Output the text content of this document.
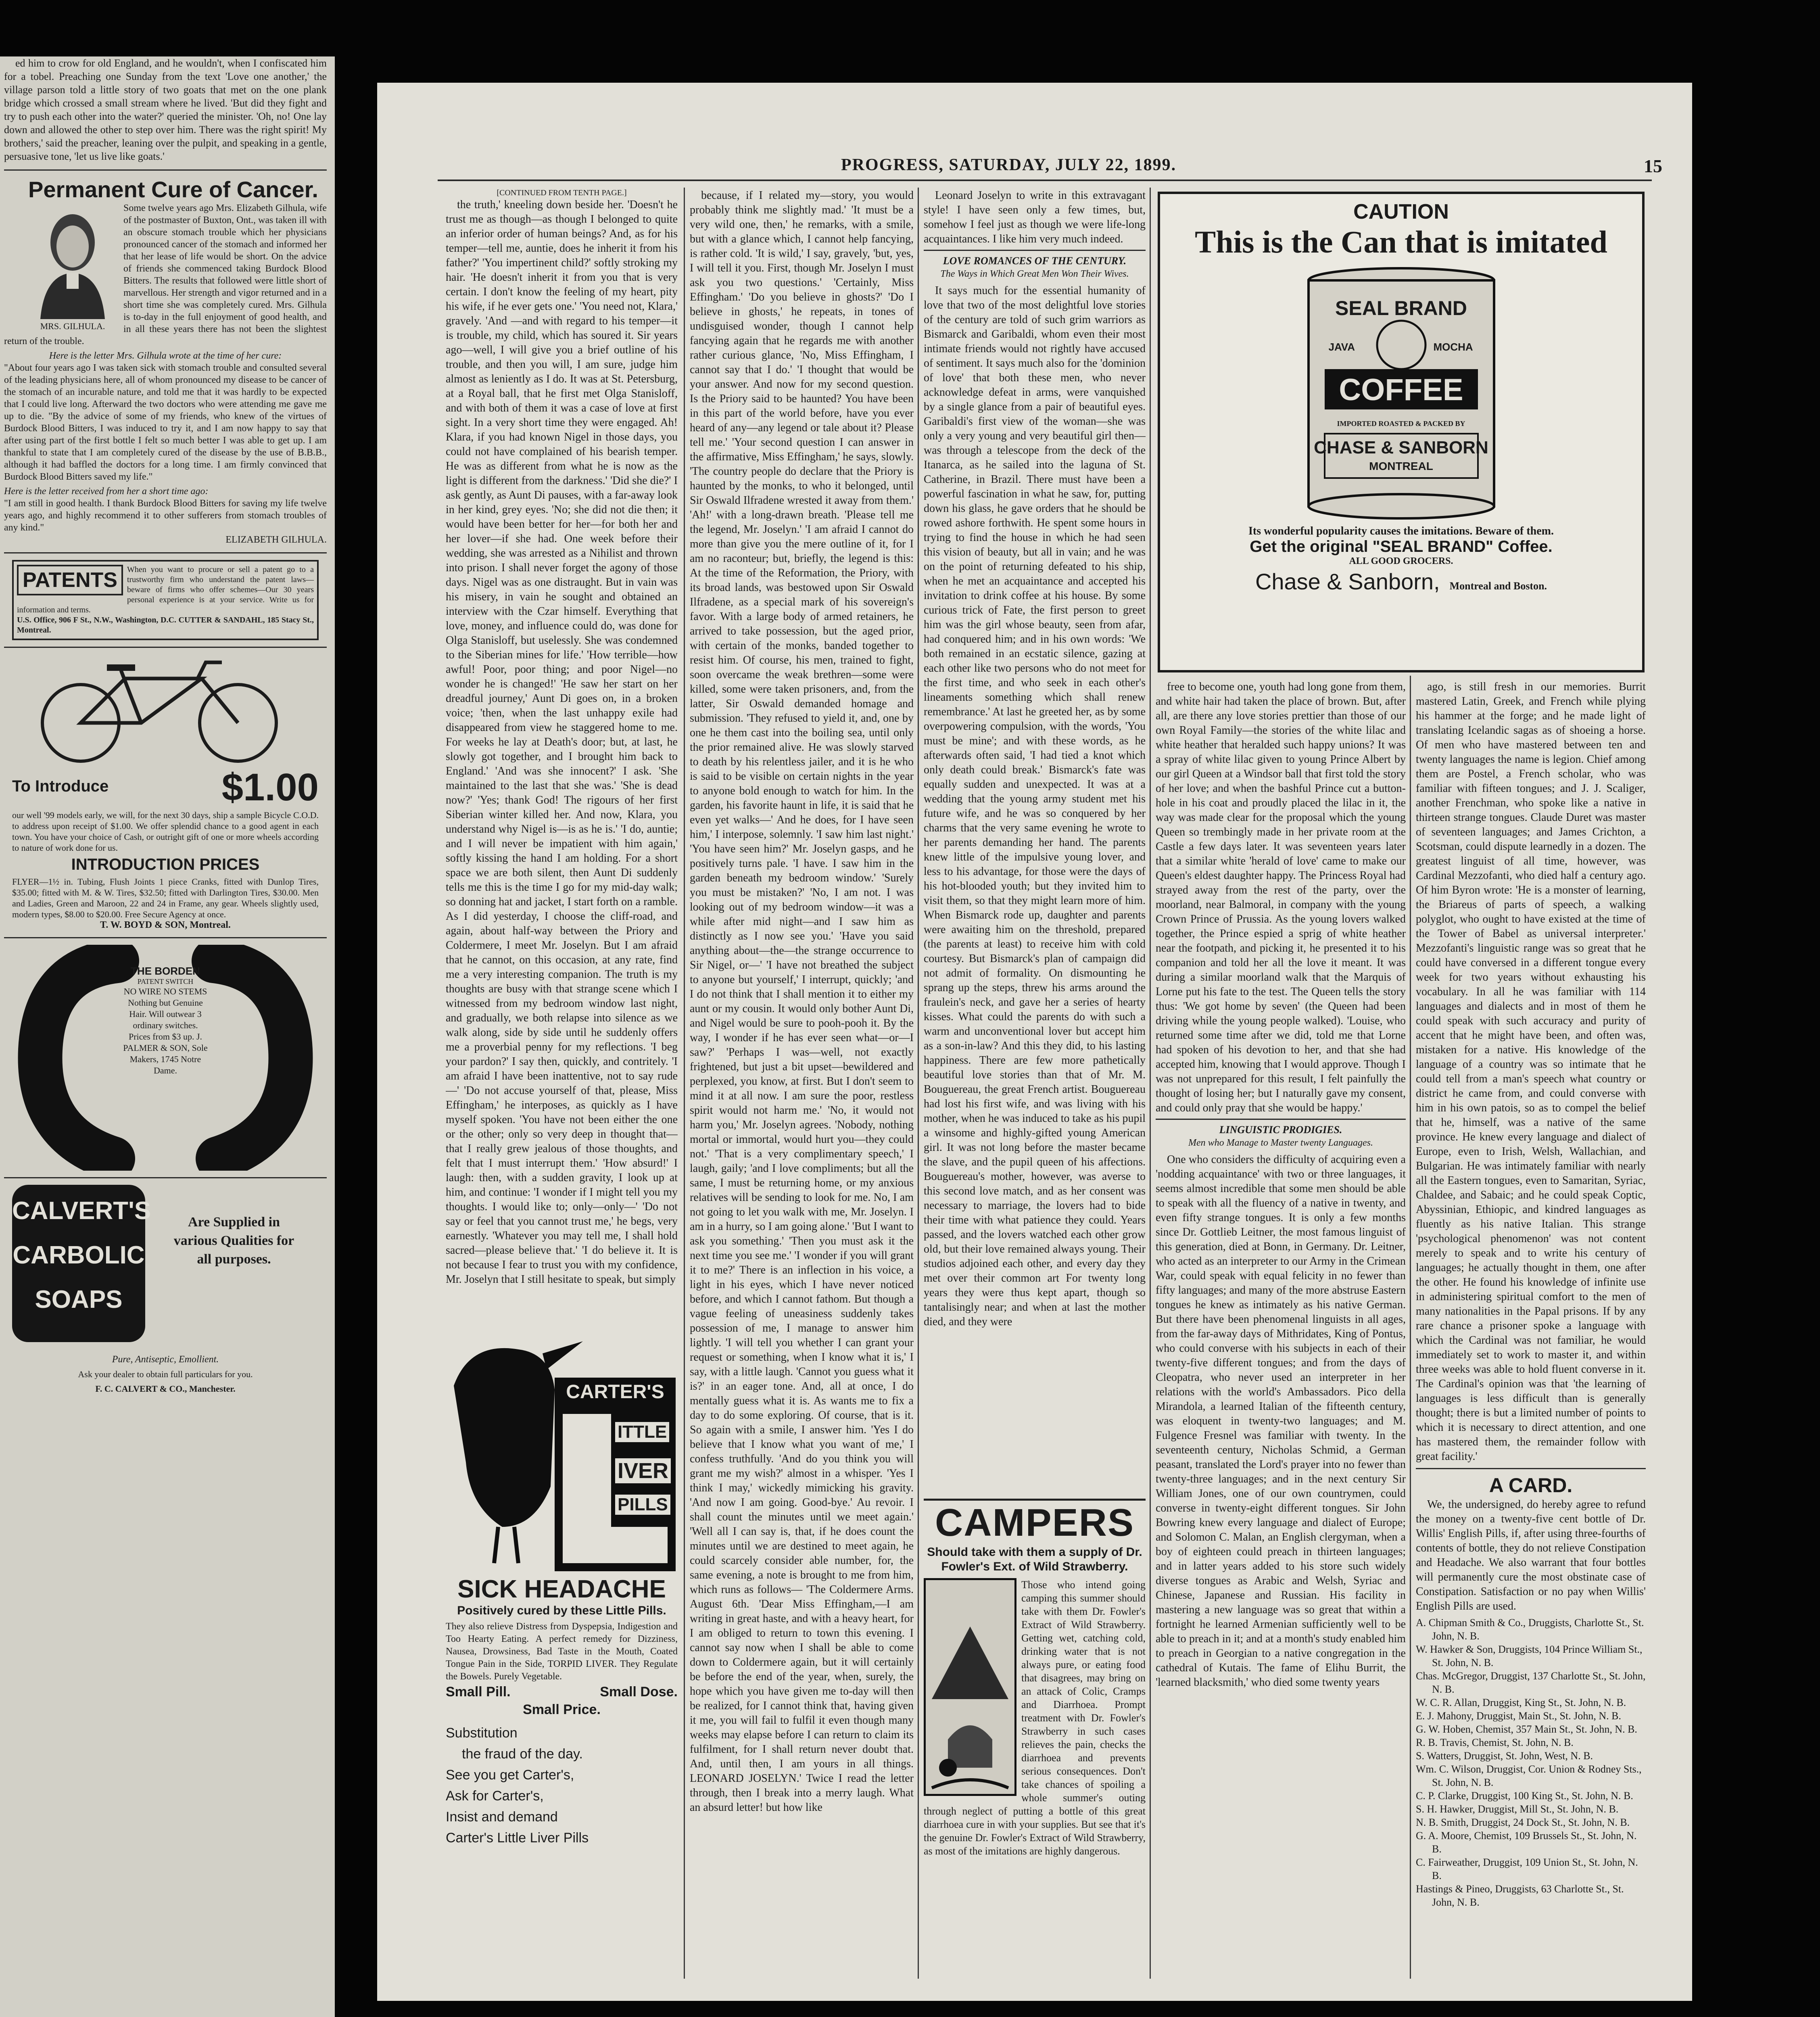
ed him to crow for old England, and he wouldn't, when I confiscated him for a tobel. Preaching one Sunday from the text 'Love one another,' the village parson told a little story of two goats that met on the one plank bridge which crossed a small stream where he lived. 'But did they fight and try to push each other into the water?' queried the minister. 'Oh, no! One lay down and allowed the other to step over him. There was the right spirit! My brothers,' said the preacher, leaning over the pulpit, and speaking in a gentle, persuasive tone, 'let us live like goats.'

Permanent Cure of Cancer.
MRS. GILHULA.

Some twelve years ago Mrs. Elizabeth Gilhula, wife of the postmaster of Buxton, Ont., was taken ill with an obscure stomach trouble which her physicians pronounced cancer of the stomach and informed her that her lease of life would be short. On the advice of friends she commenced taking Burdock Blood Bitters. The results that followed were little short of marvellous. Her strength and vigor returned and in a short time she was completely cured. Mrs. Gilhula is to-day in the full enjoyment of good health, and in all these years there has not been the slightest return of the trouble.

Here is the letter Mrs. Gilhula wrote at the time of her cure:

"About four years ago I was taken sick with stomach trouble and consulted several of the leading physicians here, all of whom pronounced my disease to be cancer of the stomach of an incurable nature, and told me that it was hardly to be expected that I could live long. Afterward the two doctors who were attending me gave me up to die. "By the advice of some of my friends, who knew of the virtues of Burdock Blood Bitters, I was induced to try it, and I am now happy to say that after using part of the first bottle I felt so much better I was able to get up. I am thankful to state that I am completely cured of the disease by the use of B.B.B., although it had baffled the doctors for a long time. I am firmly convinced that Burdock Blood Bitters saved my life."

Here is the letter received from her a short time ago:

"I am still in good health. I thank Burdock Blood Bitters for saving my life twelve years ago, and highly recommend it to other sufferers from stomach troubles of any kind."

ELIZABETH GILHULA.

PATENTS	When you want to procure or sell a patent go to a trustworthy firm who understand the patent laws—beware of firms who offer schemes—Our 30 years personal experience is at your service. Write us for information and terms.

U.S. Office, 906 F St., N.W., Washington, D.C. CUTTER & SANDAHL, 185 Stacy St., Montreal.

To Introduce	$1.00

our well '99 models early, we will, for the next 30 days, ship a sample Bicycle C.O.D. to address upon receipt of $1.00. We offer splendid chance to a good agent in each town. You have your choice of Cash, or outright gift of one or more wheels according to nature of work done for us.

INTRODUCTION PRICES

FLYER—1½ in. Tubing, Flush Joints 1 piece Cranks, fitted with Dunlop Tires, $35.00; fitted with M. & W. Tires, $32.50; fitted with Darlington Tires, $30.00. Men and Ladies, Green and Maroon, 22 and 24 in Frame, any gear. Wheels slightly used, modern types, $8.00 to $20.00. Free Secure Agency at once.

T. W. BOYD & SON, Montreal.

THE BORDEN
PATENT SWITCH

NO WIRE NO STEMS Nothing but Genuine Hair. Will outwear 3 ordinary switches. Prices from $3 up. J. PALMER & SON, Sole Makers, 1745 Notre Dame.

CALVERT'S CARBOLIC SOAPS

Are Supplied in various Qualities for all purposes.

Pure, Antiseptic, Emollient.

Ask your dealer to obtain full particulars for you.

F. C. CALVERT & CO., Manchester.

PROGRESS, SATURDAY, JULY 22, 1899.	15

[CONTINUED FROM TENTH PAGE.]

the truth,' kneeling down beside her. 'Doesn't he trust me as though—as though I belonged to quite an inferior order of human beings? And, as for his temper—tell me, auntie, does he inherit it from his father?' 'You impertinent child?' softly stroking my hair. 'He doesn't inherit it from you that is very certain. I don't know the feeling of my heart, pity his wife, if he ever gets one.' 'You need not, Klara,' gravely. 'And —and with regard to his temper—it is trouble, my child, which has soured it. Sir years ago—well, I will give you a brief outline of his trouble, and then you will, I am sure, judge him almost as leniently as I do. It was at St. Petersburg, at a Royal ball, that he first met Olga Stanisloff, and with both of them it was a case of love at first sight. In a very short time they were engaged. Ah! Klara, if you had known Nigel in those days, you could not have complained of his bearish temper. He was as different from what he is now as the light is different from the darkness.' 'Did she die?' I ask gently, as Aunt Di pauses, with a far-away look in her kind, grey eyes. 'No; she did not die then; it would have been better for her—for both her and her lover—if she had. One week before their wedding, she was arrested as a Nihilist and thrown into prison. I shall never forget the agony of those days. Nigel was as one distraught. But in vain was his misery, in vain he sought and obtained an interview with the Czar himself. Everything that love, money, and influence could do, was done for Olga Stanisloff, but uselessly. She was condemned to the Siberian mines for life.' 'How terrible—how awful! Poor, poor thing; and poor Nigel—no wonder he is changed!' 'He saw her start on her dreadful journey,' Aunt Di goes on, in a broken voice; 'then, when the last unhappy exile had disappeared from view he staggered home to me. For weeks he lay at Death's door; but, at last, he slowly got together, and I brought him back to England.' 'And was she innocent?' I ask. 'She maintained to the last that she was.' 'She is dead now?' 'Yes; thank God! The rigours of her first Siberian winter killed her. And now, Klara, you understand why Nigel is—is as he is.' 'I do, auntie; and I will never be impatient with him again,' softly kissing the hand I am holding. For a short space we are both silent, then Aunt Di suddenly tells me this is the time I go for my mid-day walk; so donning hat and jacket, I start forth on a ramble. As I did yesterday, I choose the cliff-road, and again, about half-way between the Priory and Coldermere, I meet Mr. Joselyn. But I am afraid that he cannot, on this occasion, at any rate, find me a very interesting companion. The truth is my thoughts are busy with that strange scene which I witnessed from my bedroom window last night, and gradually, we both relapse into silence as we walk along, side by side until he suddenly offers me a proverbial penny for my reflections. 'I beg your pardon?' I say then, quickly, and contritely. 'I am afraid I have been inattentive, not to say rude—' 'Do not accuse yourself of that, please, Miss Effingham,' he interposes, as quickly as I have myself spoken. 'You have not been either the one or the other; only so very deep in thought that—that I really grew jealous of those thoughts, and felt that I must interrupt them.' 'How absurd!' I laugh: then, with a sudden gravity, I look up at him, and continue: 'I wonder if I might tell you my thoughts. I would like to; only—only—' 'Do not say or feel that you cannot trust me,' he begs, very earnestly. 'Whatever you may tell me, I shall hold sacred—please believe that.' 'I do believe it. It is not because I fear to trust you with my confidence, Mr. Joselyn that I still hesitate to speak, but simply

CARTER'S
ITTLE
IVER
PILLS
SICK HEADACHE
Positively cured by these Little Pills.

They also relieve Distress from Dyspepsia, Indigestion and Too Hearty Eating. A perfect remedy for Dizziness, Nausea, Drowsiness, Bad Taste in the Mouth, Coated Tongue Pain in the Side, TORPID LIVER. They Regulate the Bowels. Purely Vegetable.

Small Pill.	Small Dose.
Small Price.
Substitution
the fraud of the day.
See you get Carter's,
Ask for Carter's,
Insist and demand
Carter's Little Liver Pills

because, if I related my—story, you would probably think me slightly mad.' 'It must be a very wild one, then,' he remarks, with a smile, but with a glance which, I cannot help fancying, is rather cold. 'It is wild,' I say, gravely, 'but, yes, I will tell it you. First, though Mr. Joselyn I must ask you two questions.' 'Certainly, Miss Effingham.' 'Do you believe in ghosts?' 'Do I believe in ghosts,' he repeats, in tones of undisguised wonder, though I cannot help fancying again that he regards me with another rather curious glance, 'No, Miss Effingham, I cannot say that I do.' 'I thought that would be your answer. And now for my second question. Is the Priory said to be haunted? You have been in this part of the world before, have you ever heard of any—any legend or tale about it? Please tell me.' 'Your second question I can answer in the affirmative, Miss Effingham,' he says, slowly. 'The country people do declare that the Priory is haunted by the monks, to who it belonged, until Sir Oswald Ilfradene wrested it away from them.' 'Ah!' with a long-drawn breath. 'Please tell me the legend, Mr. Joselyn.' 'I am afraid I cannot do more than give you the mere outline of it, for I am no raconteur; but, briefly, the legend is this: At the time of the Reformation, the Priory, with its broad lands, was bestowed upon Sir Oswald Ilfradene, as a special mark of his sovereign's favor. With a large body of armed retainers, he arrived to take possession, but the aged prior, with certain of the monks, banded together to resist him. Of course, his men, trained to fight, soon overcame the weak brethren—some were killed, some were taken prisoners, and, from the latter, Sir Oswald demanded homage and submission. 'They refused to yield it, and, one by one he them cast into the boiling sea, until only the prior remained alive. He was slowly starved to death by his relentless jailer, and it is he who is said to be visible on certain nights in the year to anyone bold enough to watch for him. In the garden, his favorite haunt in life, it is said that he even yet walks—' And he does, for I have seen him,' I interpose, solemnly. 'I saw him last night.' 'You have seen him?' Mr. Joselyn gasps, and he positively turns pale. 'I have. I saw him in the garden beneath my bedroom window.' 'Surely you must be mistaken?' 'No, I am not. I was looking out of my bedroom window—it was a while after mid night—and I saw him as distinctly as I now see you.' 'Have you said anything about—the—the strange occurrence to Sir Nigel, or—' 'I have not breathed the subject to anyone but yourself,' I interrupt, quickly; 'and I do not think that I shall mention it to either my aunt or my cousin. It would only bother Aunt Di, and Nigel would be sure to pooh-pooh it. By the way, I wonder if he has ever seen what—or—I saw?' 'Perhaps I was—well, not exactly frightened, but just a bit upset—bewildered and perplexed, you know, at first. But I don't seem to mind it at all now. I am sure the poor, restless spirit would not harm me.' 'No, it would not harm you,' Mr. Joselyn agrees. 'Nobody, nothing mortal or immortal, would hurt you—they could not.' 'That is a very complimentary speech,' I laugh, gaily; 'and I love compliments; but all the same, I must be returning home, or my anxious relatives will be sending to look for me. No, I am not going to let you walk with me, Mr. Joselyn. I am in a hurry, so I am going alone.' 'But I want to ask you something.' 'Then you must ask it the next time you see me.' 'I wonder if you will grant it to me?' There is an inflection in his voice, a light in his eyes, which I have never noticed before, and which I cannot fathom. But though a vague feeling of uneasiness suddenly takes possession of me, I manage to answer him lightly. 'I will tell you whether I can grant your request or something, when I know what it is,' I say, with a little laugh. 'Cannot you guess what it is?' in an eager tone. And, all at once, I do mentally guess what it is. As wants me to fix a day to do some exploring. Of course, that is it. So again with a smile, I answer him. 'Yes I do believe that I know what you want of me,' I confess truthfully. 'And do you think you will grant me my wish?' almost in a whisper. 'Yes I think I may,' wickedly mimicking his gravity. 'And now I am going. Good-bye.' Au revoir. I shall count the minutes until we meet again.' 'Well all I can say is, that, if he does count the minutes until we are destined to meet again, he could scarcely consider able number, for, the same evening, a note is brought to me from him, which runs as follows— 'The Coldermere Arms. August 6th. 'Dear Miss Effingham,—I am writing in great haste, and with a heavy heart, for I am obliged to return to town this evening. I cannot say now when I shall be able to come down to Coldermere again, but it will certainly be before the end of the year, when, surely, the hope which you have given me to-day will then be realized, for I cannot think that, having given it me, you will fail to fulfil it even though many weeks may elapse before I can return to claim its fulfilment, for I shall return never doubt that. And, until then, I am yours in all things. LEONARD JOSELYN.' Twice I read the letter through, then I break into a merry laugh. What an absurd letter! but how like

Leonard Joselyn to write in this extravagant style! I have seen only a few times, but, somehow I feel just as though we were life-long acquaintances. I like him very much indeed.

LOVE ROMANCES OF THE CENTURY.
The Ways in Which Great Men Won Their Wives.

It says much for the essential humanity of love that two of the most delightful love stories of the century are told of such grim warriors as Bismarck and Garibaldi, whom even their most intimate friends would not rightly have accused of sentiment. It says much also for the 'dominion of love' that both these men, who never acknowledge defeat in arms, were vanquished by a single glance from a pair of beautiful eyes. Garibaldi's first view of the woman—she was only a very young and very beautiful girl then—was through a telescope from the deck of the Itanarca, as he sailed into the laguna of St. Catherine, in Brazil. There must have been a powerful fascination in what he saw, for, putting down his glass, he gave orders that he should be rowed ashore forthwith. He spent some hours in trying to find the house in which he had seen this vision of beauty, but all in vain; and he was on the point of returning defeated to his ship, when he met an acquaintance and accepted his invitation to drink coffee at his house. By some curious trick of Fate, the first person to greet him was the girl whose beauty, seen from afar, had conquered him; and in his own words: 'We both remained in an ecstatic silence, gazing at each other like two persons who do not meet for the first time, and who seek in each other's lineaments something which shall renew remembrance.' At last he greeted her, as by some overpowering compulsion, with the words, 'You must be mine'; and with these words, as he afterwards often said, 'I had tied a knot which only death could break.' Bismarck's fate was equally sudden and unexpected. It was at a wedding that the young army student met his future wife, and he was so conquered by her charms that the very same evening he wrote to her parents demanding her hand. The parents knew little of the impulsive young lover, and less to his advantage, for those were the days of his hot-blooded youth; but they invited him to visit them, so that they might learn more of him. When Bismarck rode up, daughter and parents were awaiting him on the threshold, prepared (the parents at least) to receive him with cold courtesy. But Bismarck's plan of campaign did not admit of formality. On dismounting he sprang up the steps, threw his arms around the fraulein's neck, and gave her a series of hearty kisses. What could the parents do with such a warm and unconventional lover but accept him as a son-in-law? And this they did, to his lasting happiness. There are few more pathetically beautiful love stories than that of Mr. M. Bouguereau, the great French artist. Bouguereau had lost his first wife, and was living with his mother, when he was induced to take as his pupil a winsome and highly-gifted young American girl. It was not long before the master became the slave, and the pupil queen of his affections. Bouguereau's mother, however, was averse to this second love match, and as her consent was necessary to marriage, the lovers had to bide their time with what patience they could. Years passed, and the lovers watched each other grow old, but their love remained always young. Their studios adjoined each other, and every day they met over their common art For twenty long years they were thus kept apart, though so tantalisingly near; and when at last the mother died, and they were

CAMPERS
Should take with them a supply of Dr. Fowler's Ext. of Wild Strawberry.

Those who intend going camping this summer should take with them Dr. Fowler's Extract of Wild Strawberry. Getting wet, catching cold, drinking water that is not always pure, or eating food that disagrees, may bring on an attack of Colic, Cramps and Diarrhoea. Prompt treatment with Dr. Fowler's Strawberry in such cases relieves the pain, checks the diarrhoea and prevents serious consequences. Don't take chances of spoiling a whole summer's outing through neglect of putting a bottle of this great diarrhoea cure in with your supplies. But see that it's the genuine Dr. Fowler's Extract of Wild Strawberry, as most of the imitations are highly dangerous.

CAUTION
This is the Can that is imitated
SEAL BRAND
JAVA	MOCHA
COFFEE
IMPORTED ROASTED & PACKED BY
CHASE & SANBORN
MONTREAL
Its wonderful popularity causes the imitations. Beware of them.
Get the original "SEAL BRAND" Coffee.
ALL GOOD GROCERS.
Chase & Sanborn, Montreal and Boston.

free to become one, youth had long gone from them, and white hair had taken the place of brown. But, after all, are there any love stories prettier than those of our own Royal Family—the stories of the white lilac and white heather that heralded such happy unions? It was a spray of white lilac given to young Prince Albert by our girl Queen at a Windsor ball that first told the story of her love; and when the bashful Prince cut a button-hole in his coat and proudly placed the lilac in it, the way was made clear for the proposal which the young Queen so trembingly made in her private room at the Castle a few days later. It was seventeen years later that a similar white 'herald of love' came to make our Queen's eldest daughter happy. The Princess Royal had strayed away from the rest of the party, over the moorland, near Balmoral, in company with the young Crown Prince of Prussia. As the young lovers walked together, the Prince espied a sprig of white heather near the footpath, and picking it, he presented it to his companion and told her all the love it meant. It was during a similar moorland walk that the Marquis of Lorne put his fate to the test. The Queen tells the story thus: 'We got home by seven' (the Queen had been driving while the young people walked). 'Louise, who returned some time after we did, told me that Lorne had spoken of his devotion to her, and that she had accepted him, knowing that I would approve. Though I was not unprepared for this result, I felt painfully the thought of losing her; but I naturally gave my consent, and could only pray that she would be happy.'

LINGUISTIC PRODIGIES.
Men who Manage to Master twenty Languages.

One who considers the difficulty of acquiring even a 'nodding acquaintance' with two or three languages, it seems almost incredible that some men should be able to speak with all the fluency of a native in twenty, and even fifty strange tongues. It is only a few months since Dr. Gottlieb Leitner, the most famous linguist of this generation, died at Bonn, in Germany. Dr. Leitner, who acted as an interpreter to our Army in the Crimean War, could speak with equal felicity in no fewer than fifty languages; and many of the more abstruse Eastern tongues he knew as intimately as his native German. But there have been phenomenal linguists in all ages, from the far-away days of Mithridates, King of Pontus, who could converse with his subjects in each of their twenty-five different tongues; and from the days of Cleopatra, who never used an interpreter in her relations with the world's Ambassadors. Pico della Mirandola, a learned Italian of the fifteenth century, was eloquent in twenty-two languages; and M. Fulgence Fresnel was familiar with twenty. In the seventeenth century, Nicholas Schmid, a German peasant, translated the Lord's prayer into no fewer than twenty-three languages; and in the next century Sir William Jones, one of our own countrymen, could converse in twenty-eight different tongues. Sir John Bowring knew every language and dialect of Europe; and Solomon C. Malan, an English clergyman, when a boy of eighteen could preach in thirteen languages; and in latter years added to his store such widely diverse tongues as Arabic and Welsh, Syriac and Chinese, Japanese and Russian. His facility in mastering a new language was so great that within a fortnight he learned Armenian sufficiently well to be able to preach in it; and at a month's study enabled him to preach in Georgian to a native congregation in the cathedral of Kutais. The fame of Elihu Burrit, the 'learned blacksmith,' who died some twenty years

ago, is still fresh in our memories. Burrit mastered Latin, Greek, and French while plying his hammer at the forge; and he made light of translating Icelandic sagas as of shoeing a horse. Of men who have mastered between ten and twenty languages the name is legion. Chief among them are Postel, a French scholar, who was familiar with fifteen tongues; and J. J. Scaliger, another Frenchman, who spoke like a native in thirteen strange tongues. Claude Duret was master of seventeen languages; and James Crichton, a Scotsman, could dispute learnedly in a dozen. The greatest linguist of all time, however, was Cardinal Mezzofanti, who died half a century ago. Of him Byron wrote: 'He is a monster of learning, the Briareus of parts of speech, a walking polyglot, who ought to have existed at the time of the Tower of Babel as universal interpreter.' Mezzofanti's linguistic range was so great that he could have conversed in a different tongue every week for two years without exhausting his vocabulary. In all he was familiar with 114 languages and dialects and in most of them he could speak with such accuracy and purity of accent that he might have been, and often was, mistaken for a native. His knowledge of the language of a country was so intimate that he could tell from a man's speech what country or district he came from, and could converse with him in his own patois, so as to compel the belief that he, himself, was a native of the same province. He knew every language and dialect of Europe, even to Irish, Welsh, Wallachian, and Bulgarian. He was intimately familiar with nearly all the Eastern tongues, even to Samaritan, Syriac, Chaldee, and Sabaic; and he could speak Coptic, Abyssinian, Ethiopic, and kindred languages as fluently as his native Italian. This strange 'psychological phenomenon' was not content merely to speak and to write his century of languages; he actually thought in them, one after the other. He found his knowledge of infinite use in administering spiritual comfort to the men of many nationalities in the Papal prisons. If by any rare chance a prisoner spoke a language with which the Cardinal was not familiar, he would immediately set to work to master it, and within three weeks was able to hold fluent converse in it. The Cardinal's opinion was that 'the learning of languages is less difficult than is generally thought; there is but a limited number of points to which it is necessary to direct attention, and one has mastered them, the remainder follow with great facility.'

A CARD.

We, the undersigned, do hereby agree to refund the money on a twenty-five cent bottle of Dr. Willis' English Pills, if, after using three-fourths of contents of bottle, they do not relieve Constipation and Headache. We also warrant that four bottles will permanently cure the most obstinate case of Constipation. Satisfaction or no pay when Willis' English Pills are used.

A. Chipman Smith & Co., Druggists, Charlotte St., St. John, N. B.
W. Hawker & Son, Druggists, 104 Prince William St., St. John, N. B.
Chas. McGregor, Druggist, 137 Charlotte St., St. John, N. B.
W. C. R. Allan, Druggist, King St., St. John, N. B.
E. J. Mahony, Druggist, Main St., St. John, N. B.
G. W. Hoben, Chemist, 357 Main St., St. John, N. B.
R. B. Travis, Chemist, St. John, N. B.
S. Watters, Druggist, St. John, West, N. B.
Wm. C. Wilson, Druggist, Cor. Union & Rodney Sts., St. John, N. B.
C. P. Clarke, Druggist, 100 King St., St. John, N. B.
S. H. Hawker, Druggist, Mill St., St. John, N. B.
N. B. Smith, Druggist, 24 Dock St., St. John, N. B.
G. A. Moore, Chemist, 109 Brussels St., St. John, N. B.
C. Fairweather, Druggist, 109 Union St., St. John, N. B.
Hastings & Pineo, Druggists, 63 Charlotte St., St. John, N. B.
